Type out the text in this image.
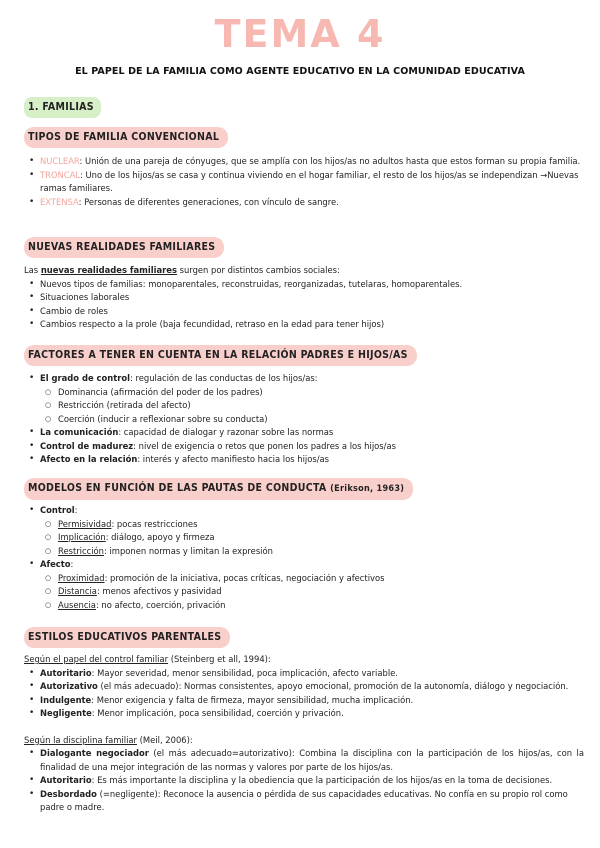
TEMA 4
EL PAPEL DE LA FAMILIA COMO AGENTE EDUCATIVO EN LA COMUNIDAD EDUCATIVA
1. FAMILIAS
TIPOS DE FAMILIA CONVENCIONAL
• NUCLEAR: Unión de una pareja de cónyuges, que se amplía con los hijos/as no adultos hasta que estos forman su propia familia.
• TRONCAL: Uno de los hijos/as se casa y continua viviendo en el hogar familiar, el resto de los hijos/as se independizan →Nuevas ramas familiares.
• EXTENSA: Personas de diferentes generaciones, con vínculo de sangre.
NUEVAS REALIDADES FAMILIARES
Las nuevas realidades familiares surgen por distintos cambios sociales:
• Nuevos tipos de familias: monoparentales, reconstruidas, reorganizadas, tutelaras, homoparentales.
• Situaciones laborales
• Cambio de roles
• Cambios respecto a la prole (baja fecundidad, retraso en la edad para tener hijos)
FACTORES A TENER EN CUENTA EN LA RELACIÓN PADRES E HIJOS/AS
• El grado de control: regulación de las conductas de los hijos/as:
○ Dominancia (afirmación del poder de los padres)
○ Restricción (retirada del afecto)
○ Coerción (inducir a reflexionar sobre su conducta)
• La comunicación: capacidad de dialogar y razonar sobre las normas
• Control de madurez: nivel de exigencia o retos que ponen los padres a los hijos/as
• Afecto en la relación: interés y afecto manifiesto hacia los hijos/as
MODELOS EN FUNCIÓN DE LAS PAUTAS DE CONDUCTA (Erikson, 1963)
• Control:
○ Permisividad: pocas restricciones
○ Implicación: diálogo, apoyo y firmeza
○ Restricción: imponen normas y limitan la expresión
• Afecto:
○ Proximidad: promoción de la iniciativa, pocas críticas, negociación y afectivos
○ Distancia: menos afectivos y pasividad
○ Ausencia: no afecto, coerción, privación
ESTILOS EDUCATIVOS PARENTALES
Según el papel del control familiar (Steinberg et all, 1994):
• Autoritario: Mayor severidad, menor sensibilidad, poca implicación, afecto variable.
• Autorizativo (el más adecuado): Normas consistentes, apoyo emocional, promoción de la autonomía, diálogo y negociación.
• Indulgente: Menor exigencia y falta de firmeza, mayor sensibilidad, mucha implicación.
• Negligente: Menor implicación, poca sensibilidad, coerción y privación.
Según la disciplina familiar (Meil, 2006):
• Dialogante negociador (el más adecuado=autorizativo): Combina la disciplina con la participación de los hijos/as, con la finalidad de una mejor integración de las normas y valores por parte de los hijos/as.
• Autoritario: Es más importante la disciplina y la obediencia que la participación de los hijos/as en la toma de decisiones.
• Desbordado (=negligente): Reconoce la ausencia o pérdida de sus capacidades educativas. No confía en su propio rol como padre o madre.
